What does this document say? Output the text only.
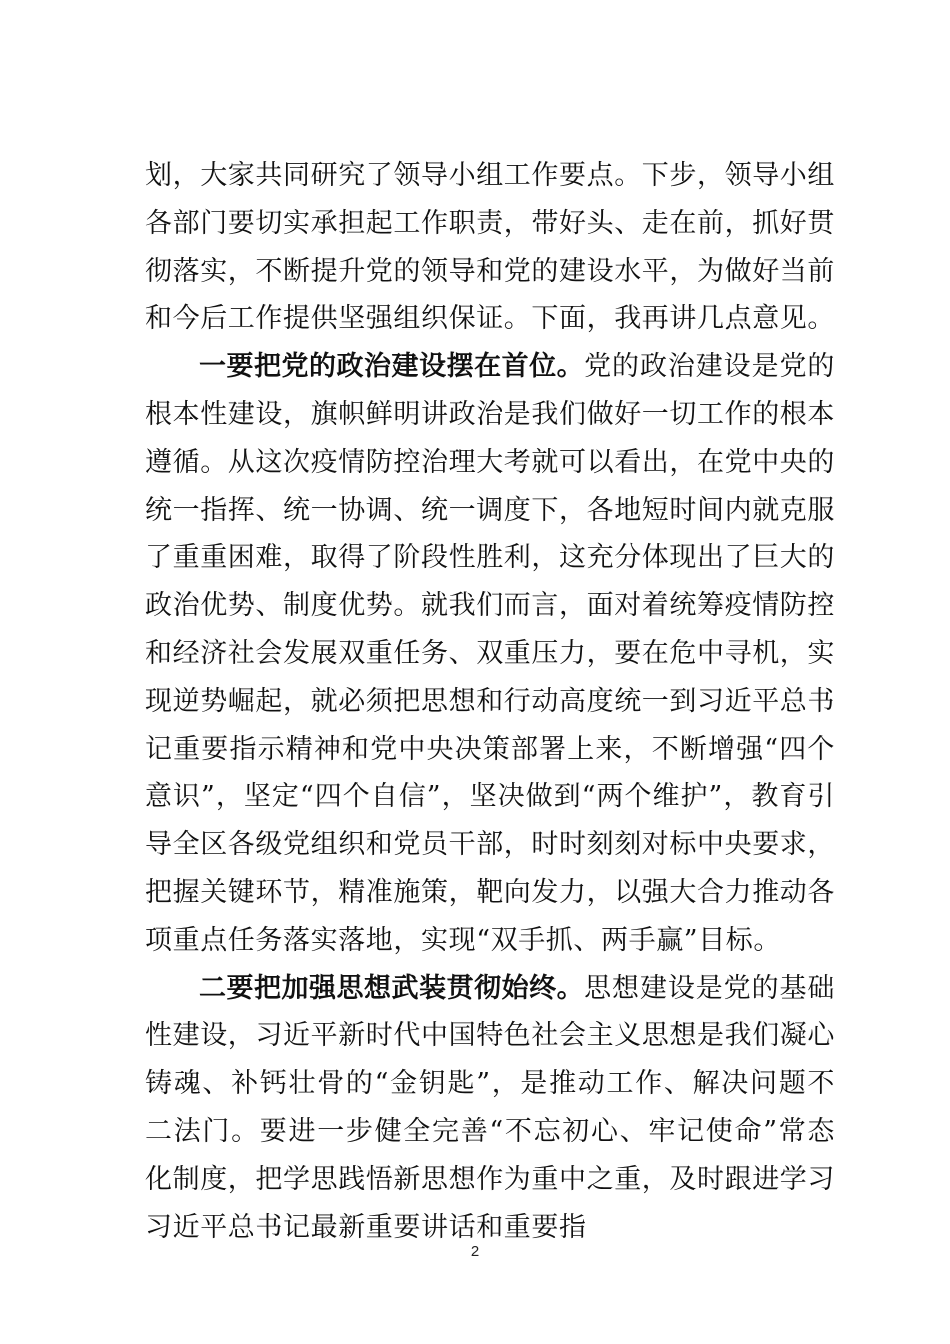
划，大家共同研究了领导小组工作要点。下步，领导小组各部门要切实承担起工作职责，带好头、走在前，抓好贯彻落实，不断提升党的领导和党的建设水平，为做好当前和今后工作提供坚强组织保证。下面，我再讲几点意见。

一要把党的政治建设摆在首位。党的政治建设是党的根本性建设，旗帜鲜明讲政治是我们做好一切工作的根本遵循。从这次疫情防控治理大考就可以看出，在党中央的统一指挥、统一协调、统一调度下，各地短时间内就克服了重重困难，取得了阶段性胜利，这充分体现出了巨大的政治优势、制度优势。就我们而言，面对着统筹疫情防控和经济社会发展双重任务、双重压力，要在危中寻机，实现逆势崛起，就必须把思想和行动高度统一到习近平总书记重要指示精神和党中央决策部署上来，不断增强“四个意识”，坚定“四个自信”，坚决做到“两个维护”，教育引导全区各级党组织和党员干部，时时刻刻对标中央要求，把握关键环节，精准施策，靶向发力，以强大合力推动各项重点任务落实落地，实现“双手抓、两手赢”目标。

二要把加强思想武装贯彻始终。思想建设是党的基础性建设，习近平新时代中国特色社会主义思想是我们凝心铸魂、补钙壮骨的“金钥匙”，是推动工作、解决问题不二法门。要进一步健全完善“不忘初心、牢记使命”常态化制度，把学思践悟新思想作为重中之重，及时跟进学习习近平总书记最新重要讲话和重要指

2
